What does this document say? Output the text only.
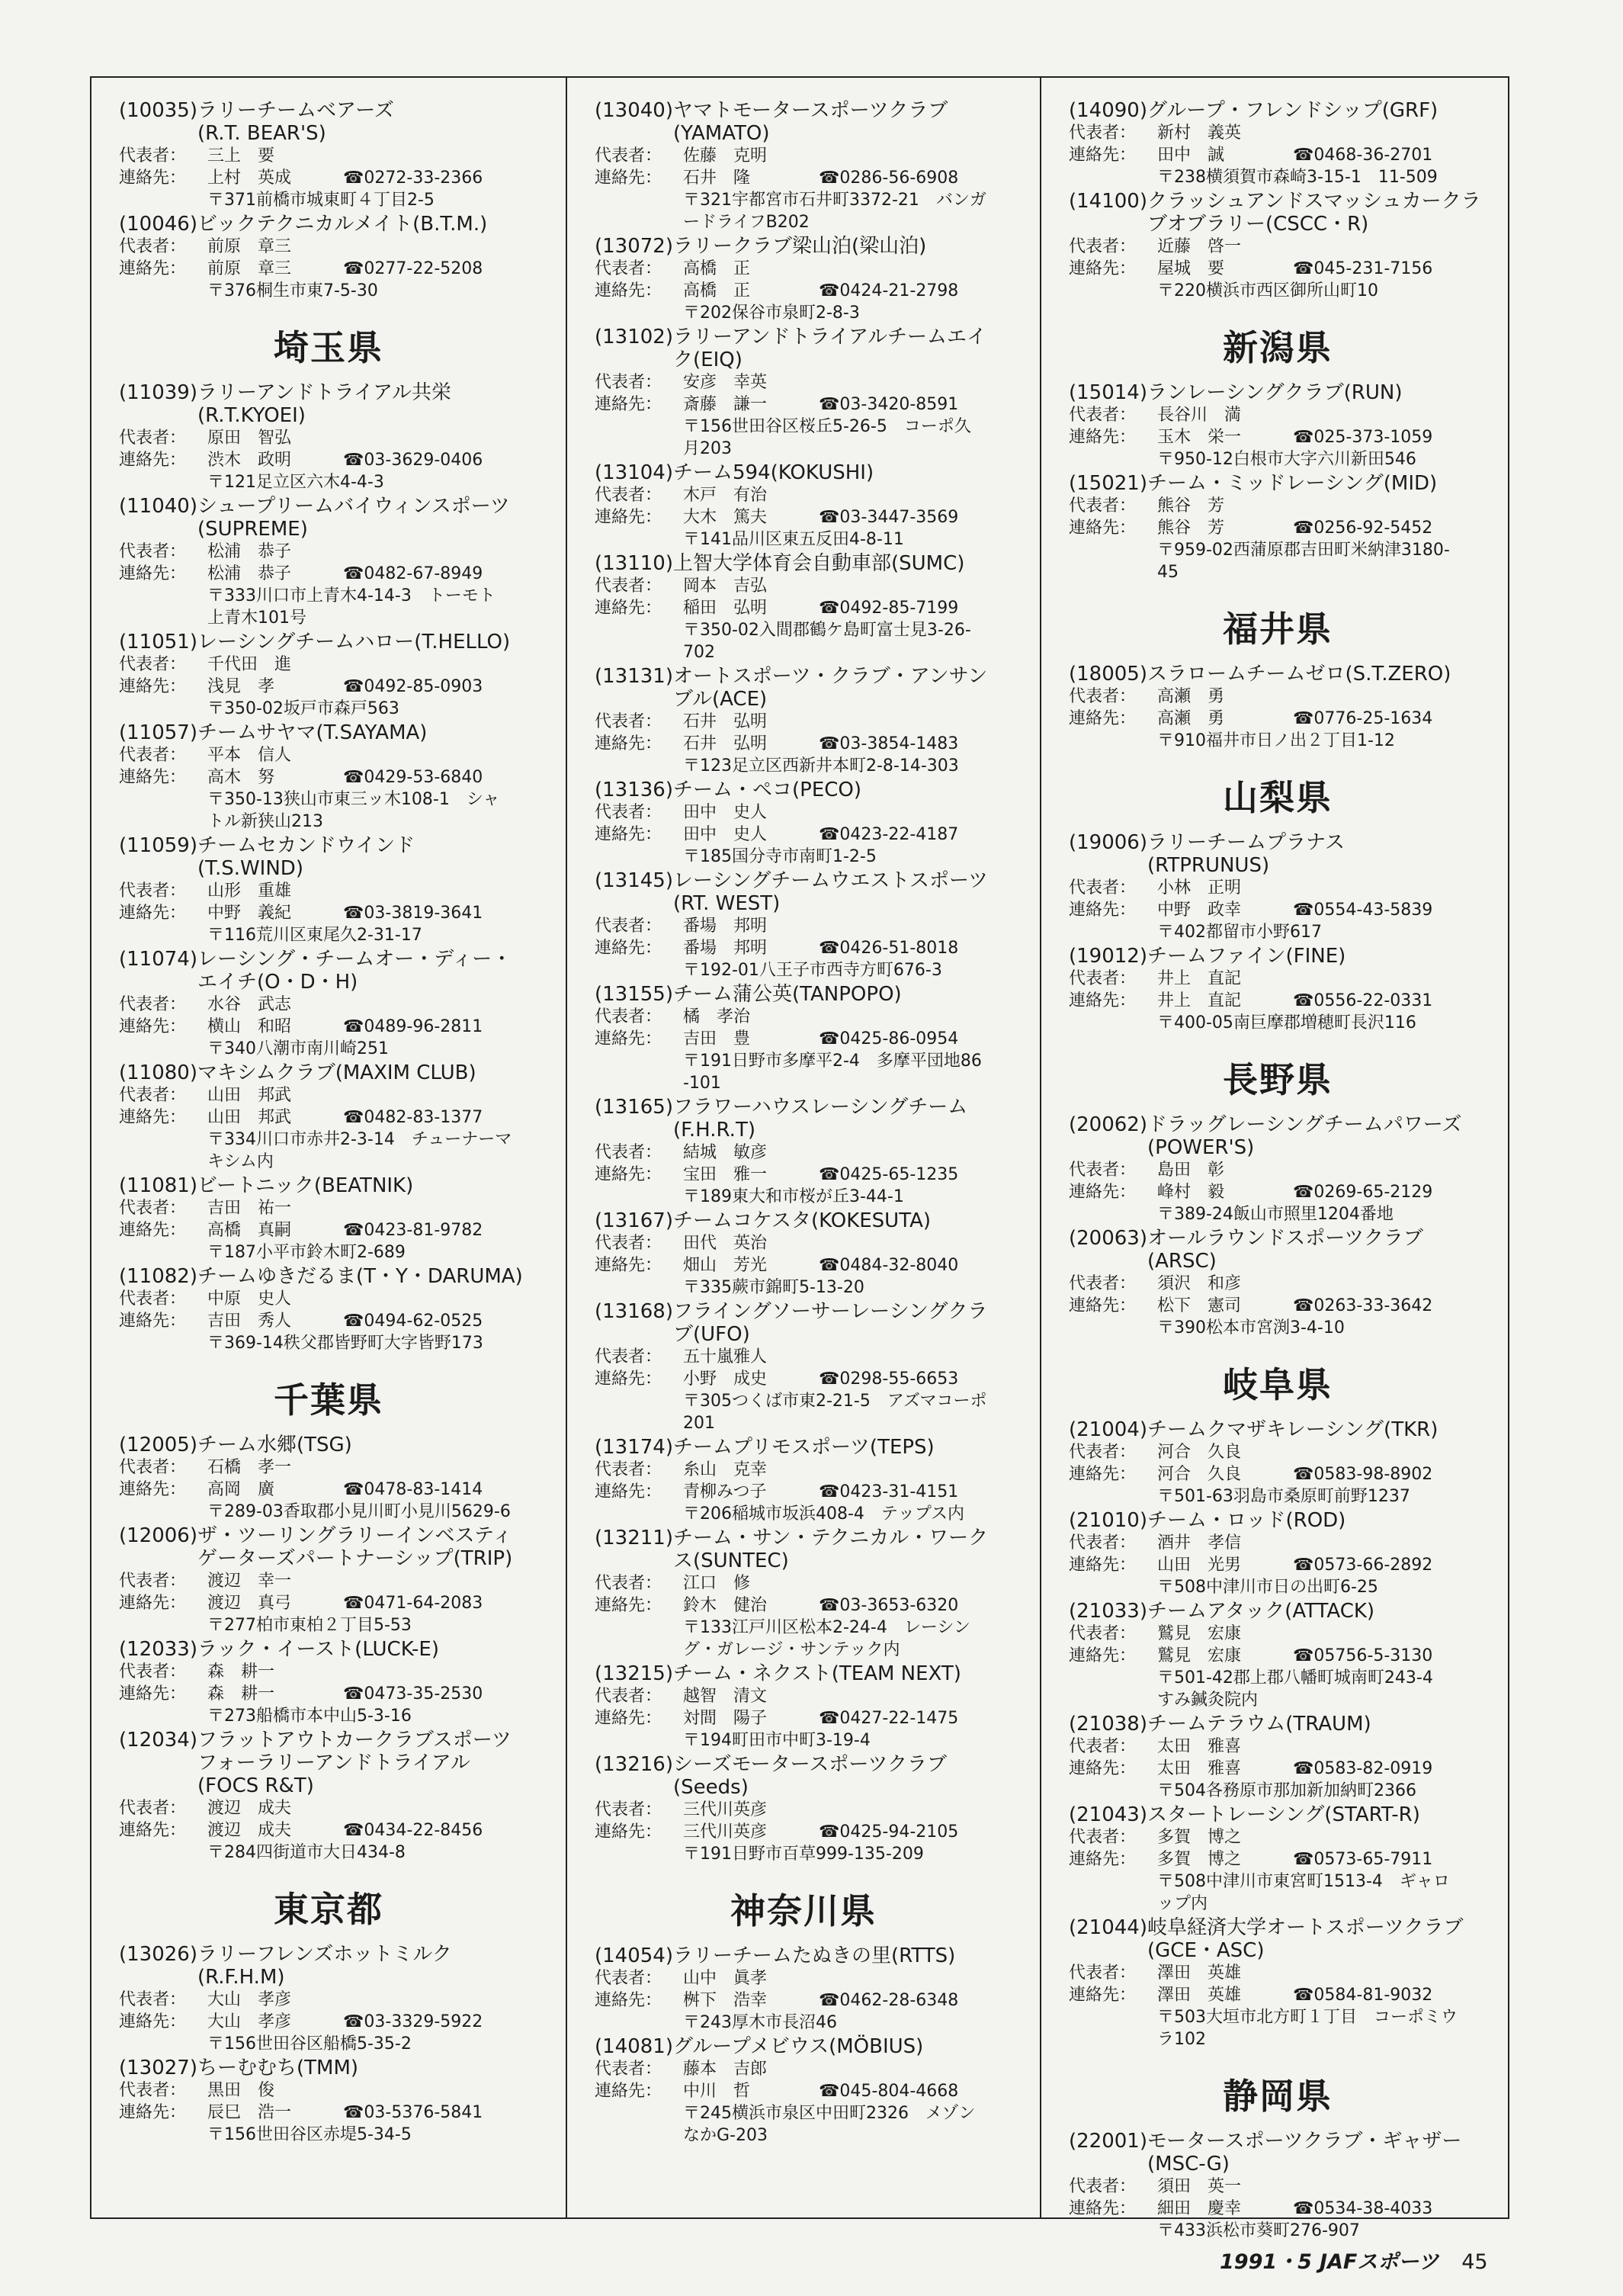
(10035) ラリーチームベアーズ
(R.T. BEAR'S)
代表者：	三上　要
連絡先：	上村　英成	☎0272-33-2366
〒371前橋市城東町４丁目2-5
(10046) ビックテクニカルメイト(B.T.M.)
代表者：	前原　章三
連絡先：	前原　章三	☎0277-22-5208
〒376桐生市東7-5-30
埼玉県
(11039) ラリーアンドトライアル共栄
(R.T.KYOEI)
代表者：	原田　智弘
連絡先：	渋木　政明	☎03-3629-0406
〒121足立区六木4-4-3
(11040) シュープリームバイウィンスポーツ
(SUPREME)
代表者：	松浦　恭子
連絡先：	松浦　恭子	☎0482-67-8949
〒333川口市上青木4-14-3　トーモト
上青木101号
(11051) レーシングチームハロー(T.HELLO)
代表者：	千代田　進
連絡先：	浅見　孝	☎0492-85-0903
〒350-02坂戸市森戸563
(11057) チームサヤマ(T.SAYAMA)
代表者：	平本　信人
連絡先：	高木　努	☎0429-53-6840
〒350-13狭山市東三ッ木108-1　シャ
トル新狭山213
(11059) チームセカンドウインド
(T.S.WIND)
代表者：	山形　重雄
連絡先：	中野　義紀	☎03-3819-3641
〒116荒川区東尾久2-31-17
(11074) レーシング・チームオー・ディー・
エイチ(O・D・H)
代表者：	水谷　武志
連絡先：	横山　和昭	☎0489-96-2811
〒340八潮市南川崎251
(11080) マキシムクラブ(MAXIM CLUB)
代表者：	山田　邦武
連絡先：	山田　邦武	☎0482-83-1377
〒334川口市赤井2-3-14　チューナーマ
キシム内
(11081) ビートニック(BEATNIK)
代表者：	吉田　祐一
連絡先：	高橋　真嗣	☎0423-81-9782
〒187小平市鈴木町2-689
(11082) チームゆきだるま(T・Y・DARUMA)
代表者：	中原　史人
連絡先：	吉田　秀人	☎0494-62-0525
〒369-14秩父郡皆野町大字皆野173
千葉県
(12005) チーム水郷(TSG)
代表者：	石橋　孝一
連絡先：	高岡　廣	☎0478-83-1414
〒289-03香取郡小見川町小見川5629-6
(12006) ザ・ツーリングラリーインベスティ
ゲーターズパートナーシップ(TRIP)
代表者：	渡辺　幸一
連絡先：	渡辺　真弓	☎0471-64-2083
〒277柏市東柏２丁目5-53
(12033) ラック・イースト(LUCK-E)
代表者：	森　耕一
連絡先：	森　耕一	☎0473-35-2530
〒273船橋市本中山5-3-16
(12034) フラットアウトカークラブスポーツ
フォーラリーアンドトライアル
(FOCS R&T)
代表者：	渡辺　成夫
連絡先：	渡辺　成夫	☎0434-22-8456
〒284四街道市大日434-8
東京都
(13026) ラリーフレンズホットミルク
(R.F.H.M)
代表者：	大山　孝彦
連絡先：	大山　孝彦	☎03-3329-5922
〒156世田谷区船橋5-35-2
(13027) ちーむむち(TMM)
代表者：	黒田　俊
連絡先：	辰巳　浩一	☎03-5376-5841
〒156世田谷区赤堤5-34-5
(13040) ヤマトモータースポーツクラブ
(YAMATO)
代表者：	佐藤　克明
連絡先：	石井　隆	☎0286-56-6908
〒321宇都宮市石井町3372-21　バンガ
ードライフB202
(13072) ラリークラブ梁山泊(梁山泊)
代表者：	高橋　正
連絡先：	高橋　正	☎0424-21-2798
〒202保谷市泉町2-8-3
(13102) ラリーアンドトライアルチームエイ
ク(EIQ)
代表者：	安彦　幸英
連絡先：	斎藤　謙一	☎03-3420-8591
〒156世田谷区桜丘5-26-5　コーポ久
月203
(13104) チーム594(KOKUSHI)
代表者：	木戸　有治
連絡先：	大木　篤夫	☎03-3447-3569
〒141品川区東五反田4-8-11
(13110) 上智大学体育会自動車部(SUMC)
代表者：	岡本　吉弘
連絡先：	稲田　弘明	☎0492-85-7199
〒350-02入間郡鶴ケ島町富士見3-26-
702
(13131) オートスポーツ・クラブ・アンサン
ブル(ACE)
代表者：	石井　弘明
連絡先：	石井　弘明	☎03-3854-1483
〒123足立区西新井本町2-8-14-303
(13136) チーム・ペコ(PECO)
代表者：	田中　史人
連絡先：	田中　史人	☎0423-22-4187
〒185国分寺市南町1-2-5
(13145) レーシングチームウエストスポーツ
(RT. WEST)
代表者：	番場　邦明
連絡先：	番場　邦明	☎0426-51-8018
〒192-01八王子市西寺方町676-3
(13155) チーム蒲公英(TANPOPO)
代表者：	橘　孝治
連絡先：	吉田　豊	☎0425-86-0954
〒191日野市多摩平2-4　多摩平団地86
-101
(13165) フラワーハウスレーシングチーム
(F.H.R.T)
代表者：	結城　敏彦
連絡先：	宝田　雅一	☎0425-65-1235
〒189東大和市桜が丘3-44-1
(13167) チームコケスタ(KOKESUTA)
代表者：	田代　英治
連絡先：	畑山　芳光	☎0484-32-8040
〒335蕨市錦町5-13-20
(13168) フライングソーサーレーシングクラ
ブ(UFO)
代表者：	五十嵐雅人
連絡先：	小野　成史	☎0298-55-6653
〒305つくば市東2-21-5　アズマコーポ
201
(13174) チームプリモスポーツ(TEPS)
代表者：	糸山　克幸
連絡先：	青柳みつ子	☎0423-31-4151
〒206稲城市坂浜408-4　テップス内
(13211) チーム・サン・テクニカル・ワーク
ス(SUNTEC)
代表者：	江口　修
連絡先：	鈴木　健治	☎03-3653-6320
〒133江戸川区松本2-24-4　レーシン
グ・ガレージ・サンテック内
(13215) チーム・ネクスト(TEAM NEXT)
代表者：	越智　清文
連絡先：	対間　陽子	☎0427-22-1475
〒194町田市中町3-19-4
(13216) シーズモータースポーツクラブ
(Seeds)
代表者：	三代川英彦
連絡先：	三代川英彦	☎0425-94-2105
〒191日野市百草999-135-209
神奈川県
(14054) ラリーチームたぬきの里(RTTS)
代表者：	山中　眞孝
連絡先：	桝下　浩幸	☎0462-28-6348
〒243厚木市長沼46
(14081) グループメビウス(MÖBIUS)
代表者：	藤本　吉郎
連絡先：	中川　哲	☎045-804-4668
〒245横浜市泉区中田町2326　メゾン
なかG-203
(14090) グループ・フレンドシップ(GRF)
代表者：	新村　義英
連絡先：	田中　誠	☎0468-36-2701
〒238横須賀市森崎3-15-1　11-509
(14100) クラッシュアンドスマッシュカークラ
ブオブラリー(CSCC・R)
代表者：	近藤　啓一
連絡先：	屋城　要	☎045-231-7156
〒220横浜市西区御所山町10
新潟県
(15014) ランレーシングクラブ(RUN)
代表者：	長谷川　満
連絡先：	玉木　栄一	☎025-373-1059
〒950-12白根市大字六川新田546
(15021) チーム・ミッドレーシング(MID)
代表者：	熊谷　芳
連絡先：	熊谷　芳	☎0256-92-5452
〒959-02西蒲原郡吉田町米納津3180-
45
福井県
(18005) スラロームチームゼロ(S.T.ZERO)
代表者：	高瀬　勇
連絡先：	高瀬　勇	☎0776-25-1634
〒910福井市日ノ出２丁目1-12
山梨県
(19006) ラリーチームプラナス
(RTPRUNUS)
代表者：	小林　正明
連絡先：	中野　政幸	☎0554-43-5839
〒402都留市小野617
(19012) チームファイン(FINE)
代表者：	井上　直記
連絡先：	井上　直記	☎0556-22-0331
〒400-05南巨摩郡増穂町長沢116
長野県
(20062) ドラッグレーシングチームパワーズ
(POWER'S)
代表者：	島田　彰
連絡先：	峰村　毅	☎0269-65-2129
〒389-24飯山市照里1204番地
(20063) オールラウンドスポーツクラブ
(ARSC)
代表者：	須沢　和彦
連絡先：	松下　憲司	☎0263-33-3642
〒390松本市宮渕3-4-10
岐阜県
(21004) チームクマザキレーシング(TKR)
代表者：	河合　久良
連絡先：	河合　久良	☎0583-98-8902
〒501-63羽島市桑原町前野1237
(21010) チーム・ロッド(ROD)
代表者：	酒井　孝信
連絡先：	山田　光男	☎0573-66-2892
〒508中津川市日の出町6-25
(21033) チームアタック(ATTACK)
代表者：	鷲見　宏康
連絡先：	鷲見　宏康	☎05756-5-3130
〒501-42郡上郡八幡町城南町243-4
すみ鍼灸院内
(21038) チームテラウム(TRAUM)
代表者：	太田　雅喜
連絡先：	太田　雅喜	☎0583-82-0919
〒504各務原市那加新加納町2366
(21043) スタートレーシング(START-R)
代表者：	多賀　博之
連絡先：	多賀　博之	☎0573-65-7911
〒508中津川市東宮町1513-4　ギャロ
ップ内
(21044) 岐阜経済大学オートスポーツクラブ
(GCE・ASC)
代表者：	澤田　英雄
連絡先：	澤田　英雄	☎0584-81-9032
〒503大垣市北方町１丁目　コーポミウ
ラ102
静岡県
(22001) モータースポーツクラブ・ギャザー
(MSC-G)
代表者：	須田　英一
連絡先：	細田　慶幸	☎0534-38-4033
〒433浜松市葵町276-907
1991・5 JAFスポーツ 45
